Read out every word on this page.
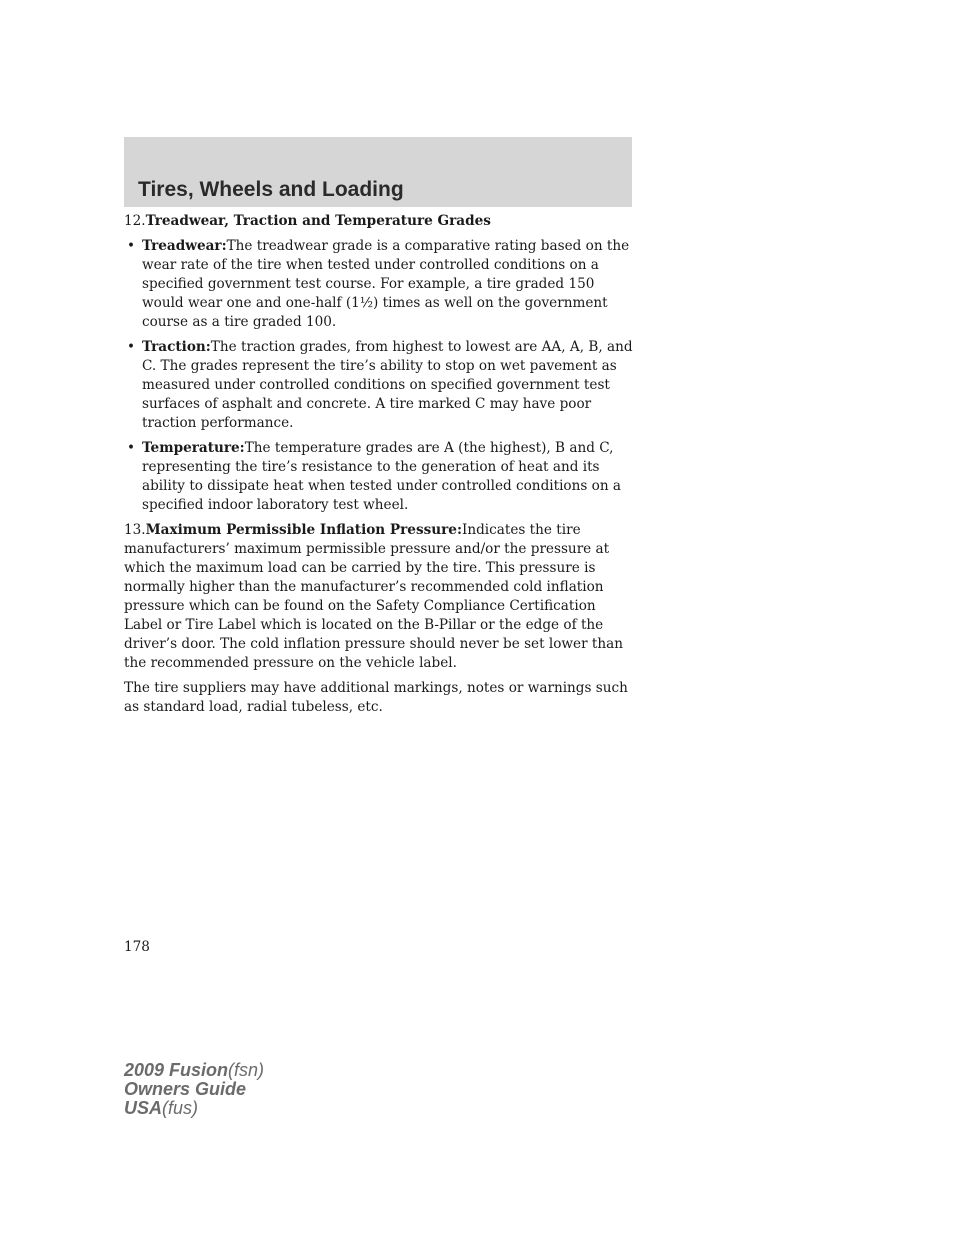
Tires, Wheels and Loading

12.Treadwear, Traction and Temperature Grades

• Treadwear:The treadwear grade is a comparative rating based on the wear rate of the tire when tested under controlled conditions on a specified government test course. For example, a tire graded 150 would wear one and one-half (1½) times as well on the government course as a tire graded 100.

• Traction:The traction grades, from highest to lowest are AA, A, B, and C. The grades represent the tire’s ability to stop on wet pavement as measured under controlled conditions on specified government test surfaces of asphalt and concrete. A tire marked C may have poor traction performance.

• Temperature:The temperature grades are A (the highest), B and C, representing the tire’s resistance to the generation of heat and its ability to dissipate heat when tested under controlled conditions on a specified indoor laboratory test wheel.

13.Maximum Permissible Inflation Pressure:Indicates the tire manufacturers’ maximum permissible pressure and/or the pressure at which the maximum load can be carried by the tire. This pressure is normally higher than the manufacturer’s recommended cold inflation pressure which can be found on the Safety Compliance Certification Label or Tire Label which is located on the B-Pillar or the edge of the driver’s door. The cold inflation pressure should never be set lower than the recommended pressure on the vehicle label.

The tire suppliers may have additional markings, notes or warnings such as standard load, radial tubeless, etc.

178

2009 Fusion(fsn)

Owners Guide

USA(fus)
